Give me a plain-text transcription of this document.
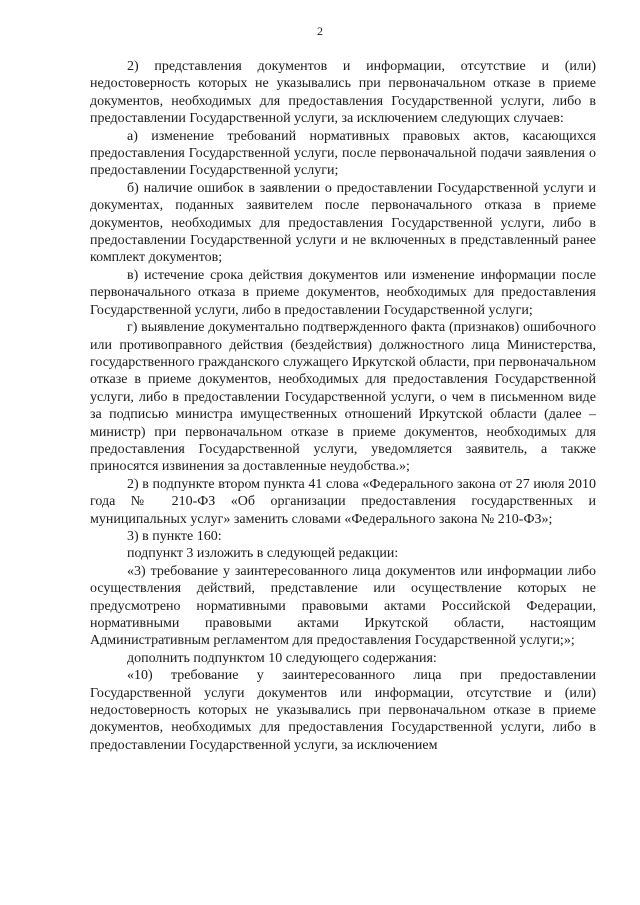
2

2) представления документов и информации, отсутствие и (или) недостоверность которых не указывались при первоначальном отказе в приеме документов, необходимых для предоставления Государственной услуги, либо в предоставлении Государственной услуги, за исключением следующих случаев:

а) изменение требований нормативных правовых актов, касающихся предоставления Государственной услуги, после первоначальной подачи заявления о предоставлении Государственной услуги;

б) наличие ошибок в заявлении о предоставлении Государственной услуги и документах, поданных заявителем после первоначального отказа в приеме документов, необходимых для предоставления Государственной услуги, либо в предоставлении Государственной услуги и не включенных в представленный ранее комплект документов;

в) истечение срока действия документов или изменение информации после первоначального отказа в приеме документов, необходимых для предоставления Государственной услуги, либо в предоставлении Государственной услуги;

г) выявление документально подтвержденного факта (признаков) ошибочного или противоправного действия (бездействия) должностного лица Министерства, государственного гражданского служащего Иркутской области, при первоначальном отказе в приеме документов, необходимых для предоставления Государственной услуги, либо в предоставлении Государственной услуги, о чем в письменном виде за подписью министра имущественных отношений Иркутской области (далее – министр) при первоначальном отказе в приеме документов, необходимых для предоставления Государственной услуги, уведомляется заявитель, а также приносятся извинения за доставленные неудобства.»;

2) в подпункте втором пункта 41 слова «Федерального закона от 27 июля 2010 года № 210-ФЗ «Об организации предоставления государственных и муниципальных услуг» заменить словами «Федерального закона № 210-ФЗ»;

3) в пункте 160:

подпункт 3 изложить в следующей редакции:

«3) требование у заинтересованного лица документов или информации либо осуществления действий, представление или осуществление которых не предусмотрено нормативными правовыми актами Российской Федерации, нормативными правовыми актами Иркутской области, настоящим Административным регламентом для предоставления Государственной услуги;»;

дополнить подпунктом 10 следующего содержания:

«10) требование у заинтересованного лица при предоставлении Государственной услуги документов или информации, отсутствие и (или) недостоверность которых не указывались при первоначальном отказе в приеме документов, необходимых для предоставления Государственной услуги, либо в предоставлении Государственной услуги, за исключением
